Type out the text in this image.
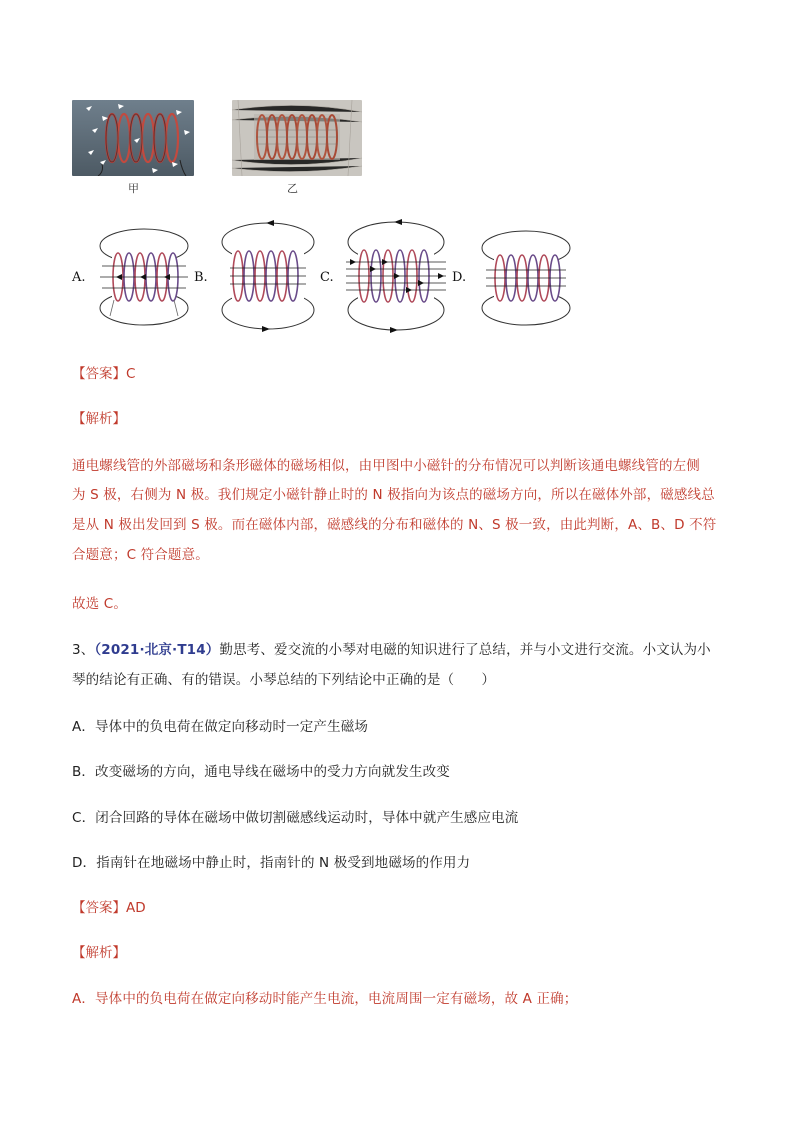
甲	乙
A.	B.	C.	D.
【答案】C
【解析】
通电螺线管的外部磁场和条形磁体的磁场相似，由甲图中小磁针的分布情况可以判断该通电螺线管的左侧
为 S 极，右侧为 N 极。我们规定小磁针静止时的 N 极指向为该点的磁场方向，所以在磁体外部，磁感线总
是从 N 极出发回到 S 极。而在磁体内部，磁感线的分布和磁体的 N、S 极一致，由此判断，A、B、D 不符
合题意；C 符合题意。
故选 C。
3、（2021·北京·T14）勤思考、爱交流的小琴对电磁的知识进行了总结，并与小文进行交流。小文认为小
琴的结论有正确、有的错误。小琴总结的下列结论中正确的是（　　）
A．导体中的负电荷在做定向移动时一定产生磁场
B．改变磁场的方向，通电导线在磁场中的受力方向就发生改变
C．闭合回路的导体在磁场中做切割磁感线运动时，导体中就产生感应电流
D．指南针在地磁场中静止时，指南针的 N 极受到地磁场的作用力
【答案】AD
【解析】
A．导体中的负电荷在做定向移动时能产生电流，电流周围一定有磁场，故 A 正确；
